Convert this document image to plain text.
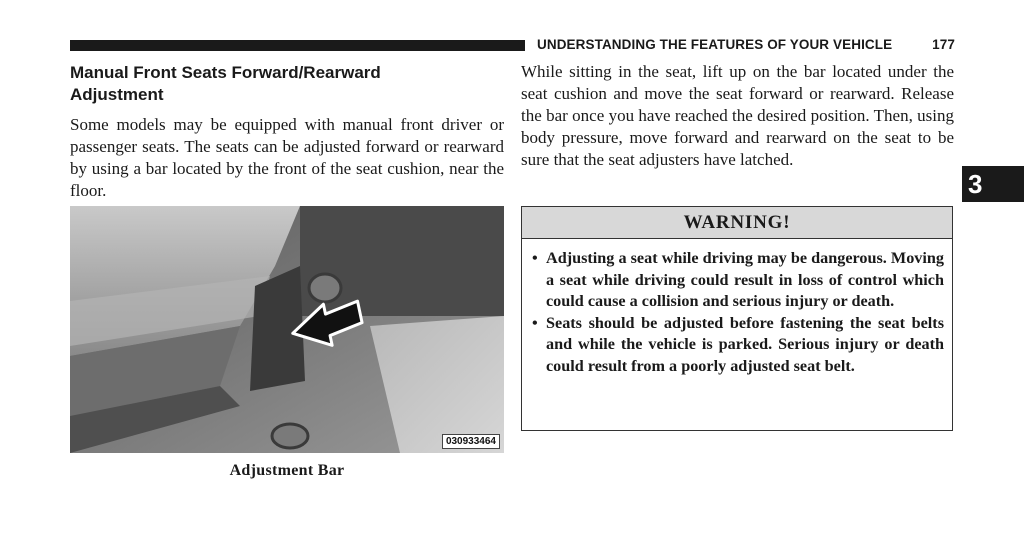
UNDERSTANDING THE FEATURES OF YOUR VEHICLE	177
Manual Front Seats Forward/Rearward
Adjustment

Some models may be equipped with manual front driver or passenger seats. The seats can be adjusted forward or rearward by using a bar located by the front of the seat cushion, near the floor.

030933464
Adjustment Bar

While sitting in the seat, lift up on the bar located under the seat cushion and move the seat forward or rearward. Release the bar once you have reached the desired position. Then, using body pressure, move forward and rearward on the seat to be sure that the seat adjusters have latched.

3
WARNING!
• Adjusting a seat while driving may be dangerous. Moving a seat while driving could result in loss of control which could cause a collision and serious injury or death.
• Seats should be adjusted before fastening the seat belts and while the vehicle is parked. Serious injury or death could result from a poorly adjusted seat belt.
